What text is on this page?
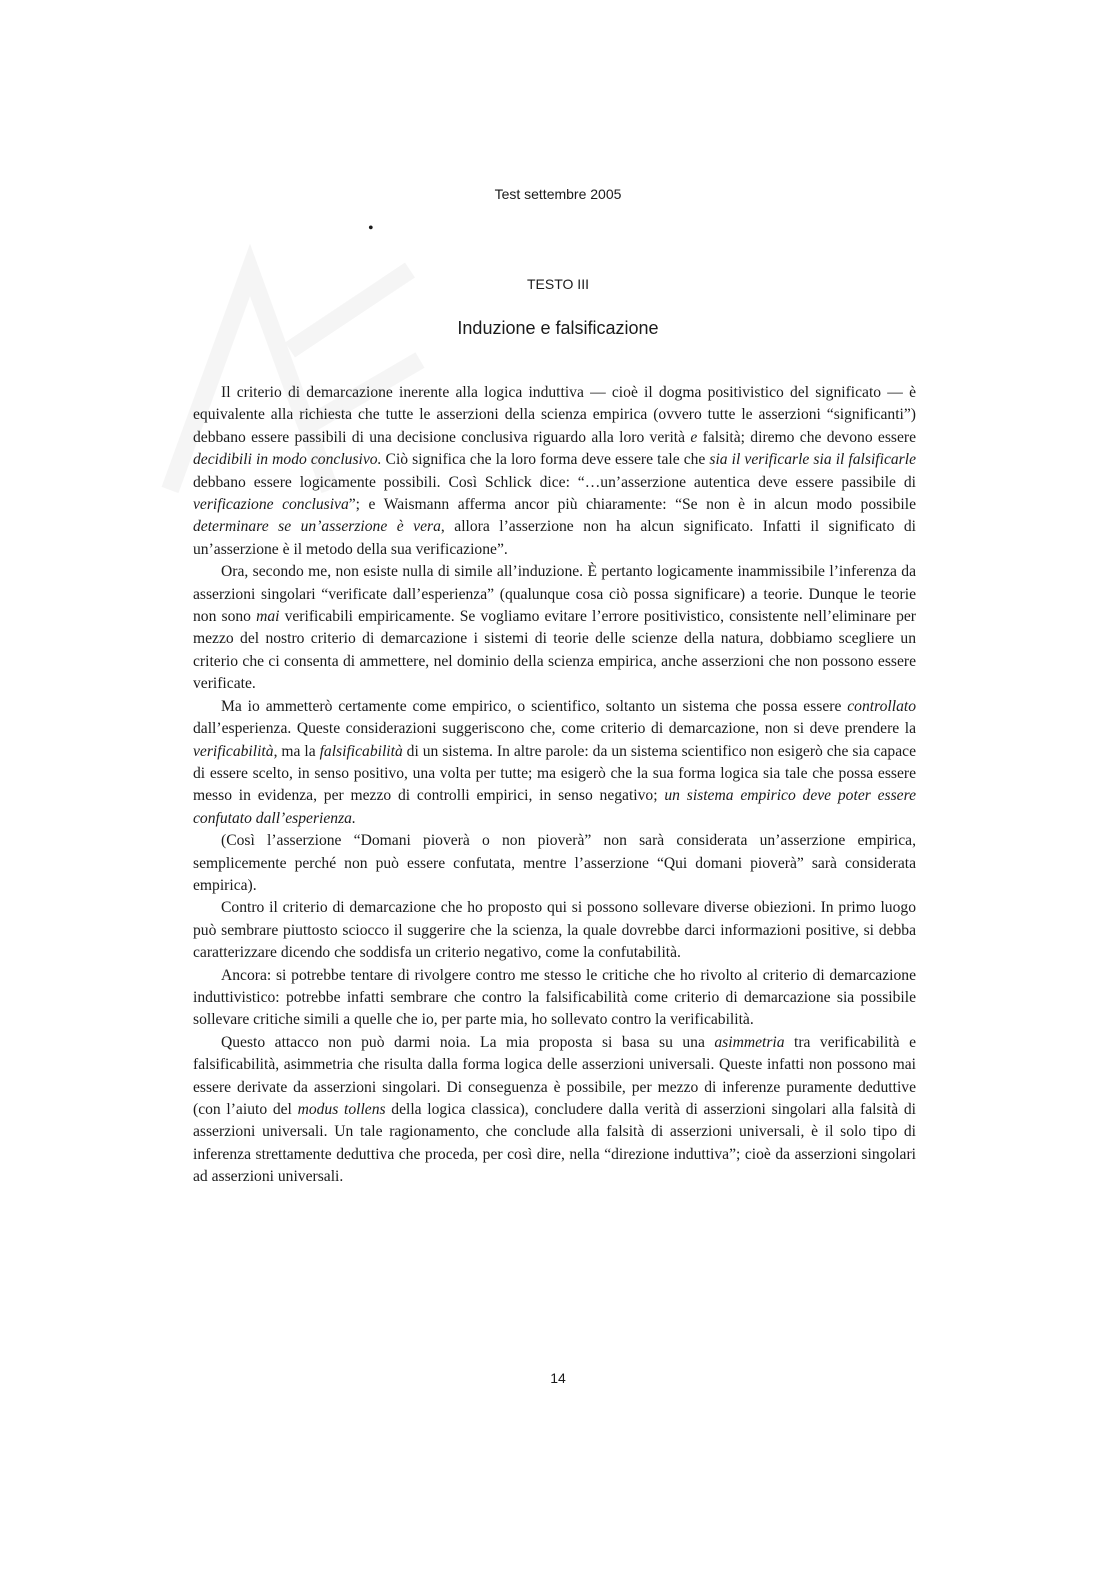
Test settembre 2005
•
TESTO III
Induzione e falsificazione

Il criterio di demarcazione inerente alla logica induttiva — cioè il dogma positivistico del significato — è equivalente alla richiesta che tutte le asserzioni della scienza empirica (ovvero tutte le asserzioni “significanti”) debbano essere passibili di una decisione conclusiva riguardo alla loro verità e falsità; diremo che devono essere decidibili in modo conclusivo. Ciò significa che la loro forma deve essere tale che sia il verificarle sia il falsificarle debbano essere logicamente possibili. Così Schlick dice: “…un’asserzione autentica deve essere passibile di verificazione conclusiva”; e Waismann afferma ancor più chiaramente: “Se non è in alcun modo possibile determinare se un’asserzione è vera, allora l’asserzione non ha alcun significato. Infatti il significato di un’asserzione è il metodo della sua verificazione”.

Ora, secondo me, non esiste nulla di simile all’induzione. È pertanto logicamente inammissibile l’inferenza da asserzioni singolari “verificate dall’esperienza” (qualunque cosa ciò possa significare) a teorie. Dunque le teorie non sono mai verificabili empiricamente. Se vogliamo evitare l’errore positivistico, consistente nell’eliminare per mezzo del nostro criterio di demarcazione i sistemi di teorie delle scienze della natura, dobbiamo scegliere un criterio che ci consenta di ammettere, nel dominio della scienza empirica, anche asserzioni che non possono essere verificate.

Ma io ammetterò certamente come empirico, o scientifico, soltanto un sistema che possa essere controllato dall’esperienza. Queste considerazioni suggeriscono che, come criterio di demarcazione, non si deve prendere la verificabilità, ma la falsificabilità di un sistema. In altre parole: da un sistema scientifico non esigerò che sia capace di essere scelto, in senso positivo, una volta per tutte; ma esigerò che la sua forma logica sia tale che possa essere messo in evidenza, per mezzo di controlli empirici, in senso negativo; un sistema empirico deve poter essere confutato dall’esperienza.

(Così l’asserzione “Domani pioverà o non pioverà” non sarà considerata un’asserzione empirica, semplicemente perché non può essere confutata, mentre l’asserzione “Qui domani pioverà” sarà considerata empirica).

Contro il criterio di demarcazione che ho proposto qui si possono sollevare diverse obiezioni. In primo luogo può sembrare piuttosto sciocco il suggerire che la scienza, la quale dovrebbe darci informazioni positive, si debba caratterizzare dicendo che soddisfa un criterio negativo, come la confutabilità.

Ancora: si potrebbe tentare di rivolgere contro me stesso le critiche che ho rivolto al criterio di demarcazione induttivistico: potrebbe infatti sembrare che contro la falsificabilità come criterio di demarcazione sia possibile sollevare critiche simili a quelle che io, per parte mia, ho sollevato contro la verificabilità.

Questo attacco non può darmi noia. La mia proposta si basa su una asimmetria tra verificabilità e falsificabilità, asimmetria che risulta dalla forma logica delle asserzioni universali. Queste infatti non possono mai essere derivate da asserzioni singolari. Di conseguenza è possibile, per mezzo di inferenze puramente deduttive (con l’aiuto del modus tollens della logica classica), concludere dalla verità di asserzioni singolari alla falsità di asserzioni universali. Un tale ragionamento, che conclude alla falsità di asserzioni universali, è il solo tipo di inferenza strettamente deduttiva che proceda, per così dire, nella “direzione induttiva”; cioè da asserzioni singolari ad asserzioni universali.

14
